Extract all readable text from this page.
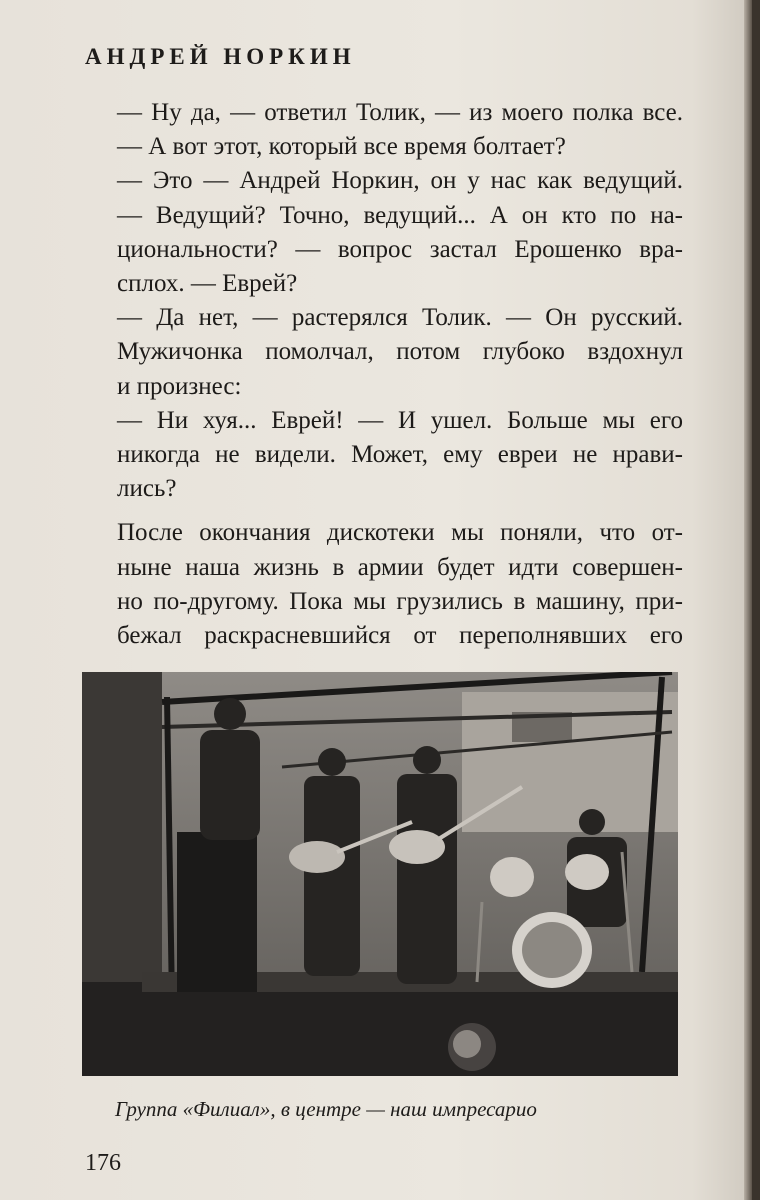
АНДРЕЙ НОРКИН
— Ну да, — ответил Толик, — из моего полка все.
— А вот этот, который все время болтает?
— Это — Андрей Норкин, он у нас как ведущий.
— Ведущий? Точно, ведущий... А он кто по на-
циональности? — вопрос застал Ерошенко вра-
сплох. — Еврей?
— Да нет, — растерялся Толик. — Он русский.
Мужичонка помолчал, потом глубоко вздохнул
и произнес:
— Ни хуя... Еврей! — И ушел. Больше мы его
никогда не видели. Может, ему евреи не нрави-
лись?
После окончания дискотеки мы поняли, что от-
ныне наша жизнь в армии будет идти совершен-
но по-другому. Пока мы грузились в машину, при-
бежал раскрасневшийся от переполнявших его
Группа «Филиал», в центре — наш импресарио
176
